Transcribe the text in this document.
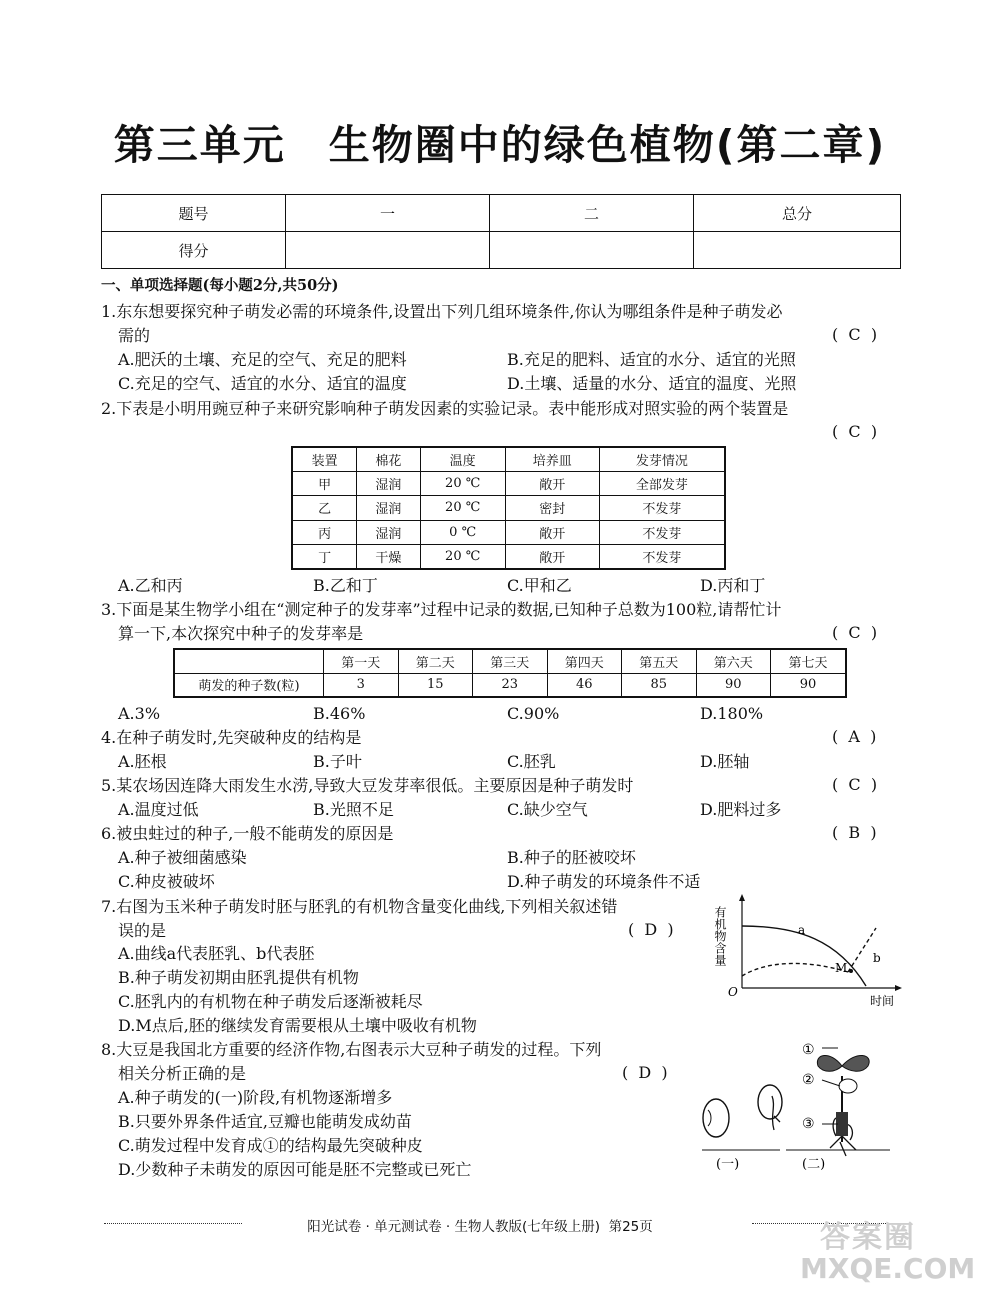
第三单元　生物圈中的绿色植物(第二章)
题号	一	二	总分
得分			
一、单项选择题(每小题2分,共50分)
1.东东想要探究种子萌发必需的环境条件,设置出下列几组环境条件,你认为哪组条件是种子萌发必
需的	(  C  )
A.肥沃的土壤、充足的空气、充足的肥料	B.充足的肥料、适宜的水分、适宜的光照
C.充足的空气、适宜的水分、适宜的温度	D.土壤、适量的水分、适宜的温度、光照
2.下表是小明用豌豆种子来研究影响种子萌发因素的实验记录。表中能形成对照实验的两个装置是
(  C  )
装置	棉花	温度	培养皿	发芽情况
甲	湿润	20 ℃	敞开	全部发芽
乙	湿润	20 ℃	密封	不发芽
丙	湿润	0 ℃	敞开	不发芽
丁	干燥	20 ℃	敞开	不发芽
A.乙和丙	B.乙和丁	C.甲和乙	D.丙和丁
3.下面是某生物学小组在“测定种子的发芽率”过程中记录的数据,已知种子总数为100粒,请帮忙计
算一下,本次探究中种子的发芽率是	(  C  )
	第一天	第二天	第三天	第四天	第五天	第六天	第七天
萌发的种子数(粒)	3	15	23	46	85	90	90
A.3%	B.46%	C.90%	D.180%
4.在种子萌发时,先突破种皮的结构是	(  A  )
A.胚根	B.子叶	C.胚乳	D.胚轴
5.某农场因连降大雨发生水涝,导致大豆发芽率很低。主要原因是种子萌发时	(  C  )
A.温度过低	B.光照不足	C.缺少空气	D.肥料过多
6.被虫蛀过的种子,一般不能萌发的原因是	(  B  )
A.种子被细菌感染	B.种子的胚被咬坏
C.种皮被破坏	D.种子萌发的环境条件不适
7.右图为玉米种子萌发时胚与胚乳的有机物含量变化曲线,下列相关叙述错
误的是	(  D  )
A.曲线a代表胚乳、b代表胚
B.种子萌发初期由胚乳提供有机物
C.胚乳内的有机物在种子萌发后逐渐被耗尽
D.M点后,胚的继续发育需要根从土壤中吸收有机物
a
b
M
O
时间
有机物含量
8.大豆是我国北方重要的经济作物,右图表示大豆种子萌发的过程。下列
相关分析正确的是	(  D  )
A.种子萌发的(一)阶段,有机物逐渐增多
B.只要外界条件适宜,豆瓣也能萌发成幼苗
C.萌发过程中发育成①的结构最先突破种皮
D.少数种子未萌发的原因可能是胚不完整或已死亡
①
②
③
(一)	(二)
阳光试卷 · 单元测试卷 · 生物人教版(七年级上册)  第25页	答案圈
MXQE.COM
